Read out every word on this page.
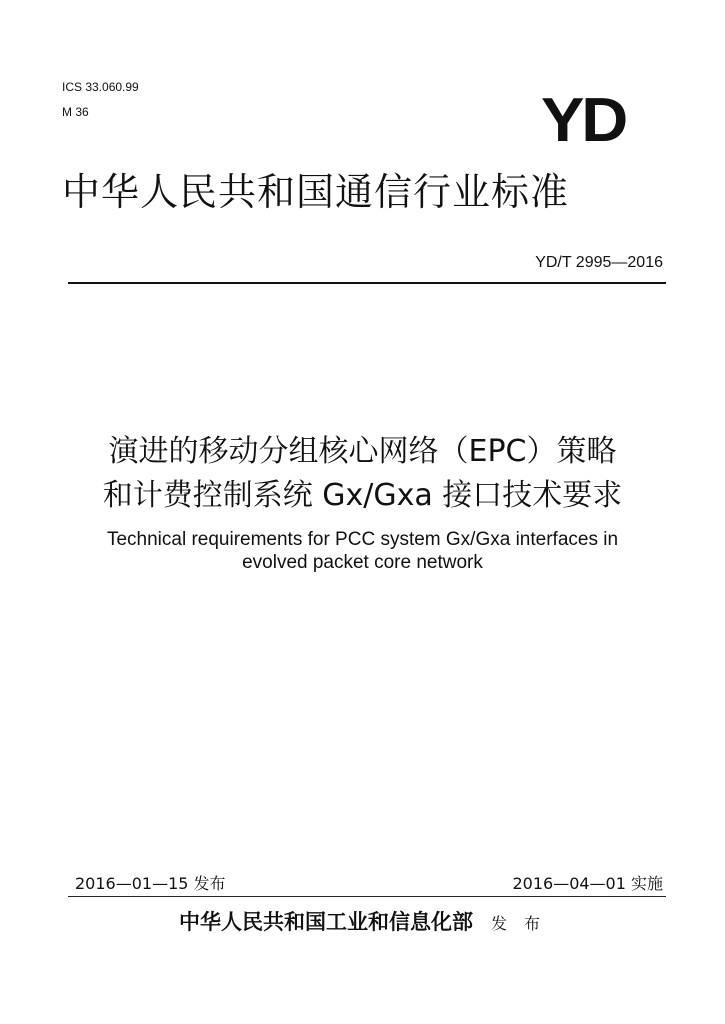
ICS 33.060.99
M 36	YD
中华人民共和国通信行业标准
YD/T 2995—2016
演进的移动分组核心网络（EPC）策略
和计费控制系统 Gx/Gxa 接口技术要求
Technical requirements for PCC system Gx/Gxa interfaces in
evolved packet core network
2016—01—15 发布	2016—04—01 实施
中华人民共和国工业和信息化部 发 布
